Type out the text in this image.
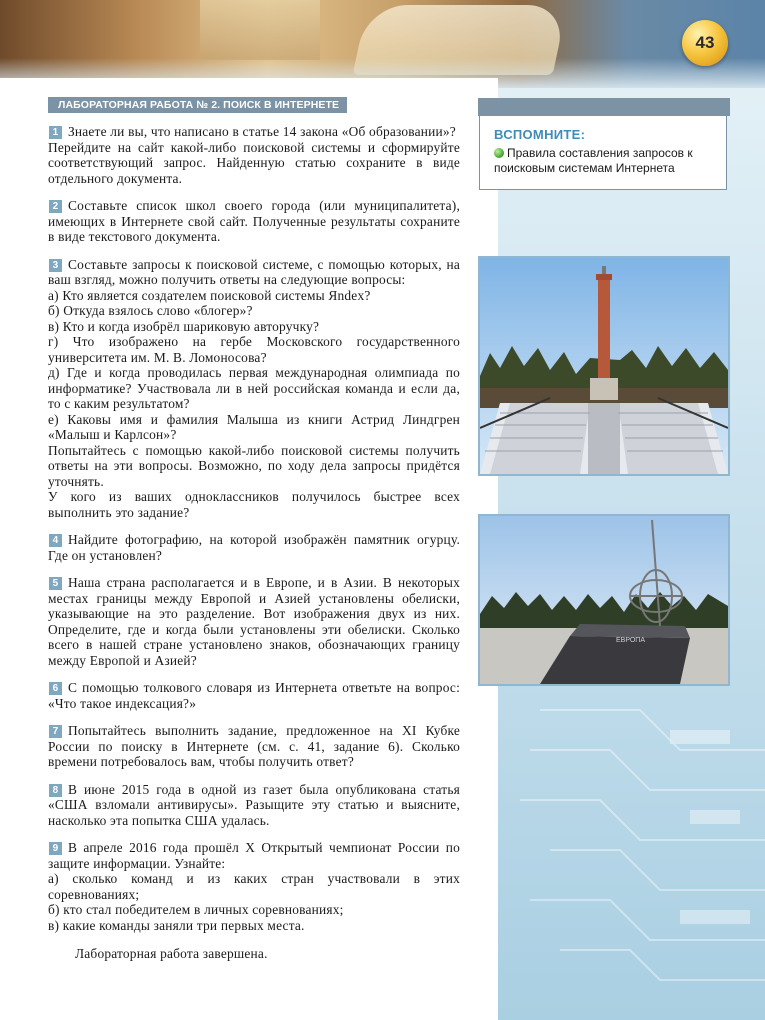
43
ЛАБОРАТОРНАЯ РАБОТА № 2. ПОИСК В ИНТЕРНЕТЕ

1 Знаете ли вы, что написано в статье 14 закона «Об образовании»?

Перейдите на сайт какой-либо поисковой системы и сформируйте соответствующий запрос. Найденную статью сохраните в виде отдельного документа.

2 Составьте список школ своего города (или муниципалитета), имеющих в Интернете свой сайт. Полученные результаты сохраните в виде текстового документа.

3 Составьте запросы к поисковой системе, с помощью которых, на ваш взгляд, можно получить ответы на следующие вопросы:

а) Кто является создателем поисковой системы Яndex?

б) Откуда взялось слово «блогер»?

в) Кто и когда изобрёл шариковую авторучку?

г) Что изображено на гербе Московского государственного университета им. М. В. Ломоносова?

д) Где и когда проводилась первая международная олимпиада по информатике? Участвовала ли в ней российская команда и если да, то с каким результатом?

е) Каковы имя и фамилия Малыша из книги Астрид Линдгрен «Малыш и Карлсон»?

Попытайтесь с помощью какой-либо поисковой системы получить ответы на эти вопросы. Возможно, по ходу дела запросы придётся уточнять.

У кого из ваших одноклассников получилось быстрее всех выполнить это задание?

4 Найдите фотографию, на которой изображён памятник огурцу. Где он установлен?

5 Наша страна располагается и в Европе, и в Азии. В некоторых местах границы между Европой и Азией установлены обелиски, указывающие на это разделение. Вот изображения двух из них. Определите, где и когда были установлены эти обелиски. Сколько всего в нашей стране установлено знаков, обозначающих границу между Европой и Азией?

6 С помощью толкового словаря из Интернета ответьте на вопрос: «Что такое индексация?»

7 Попытайтесь выполнить задание, предложенное на XI Кубке России по поиску в Интернете (см. с. 41, задание 6). Сколько времени потребовалось вам, чтобы получить ответ?

8 В июне 2015 года в одной из газет была опубликована статья «США взломали антивирусы». Разыщите эту статью и выясните, насколько эта попытка США удалась.

9 В апреле 2016 года прошёл X Открытый чемпионат России по защите информации. Узнайте:

а) сколько команд и из каких стран участвовали в этих соревнованиях;

б) кто стал победителем в личных соревнованиях;

в) какие команды заняли три первых места.

Лабораторная работа завершена.
ВСПОМНИТЕ:
Правила составления запросов к поисковым системам Интернета
ЕВРОПА
